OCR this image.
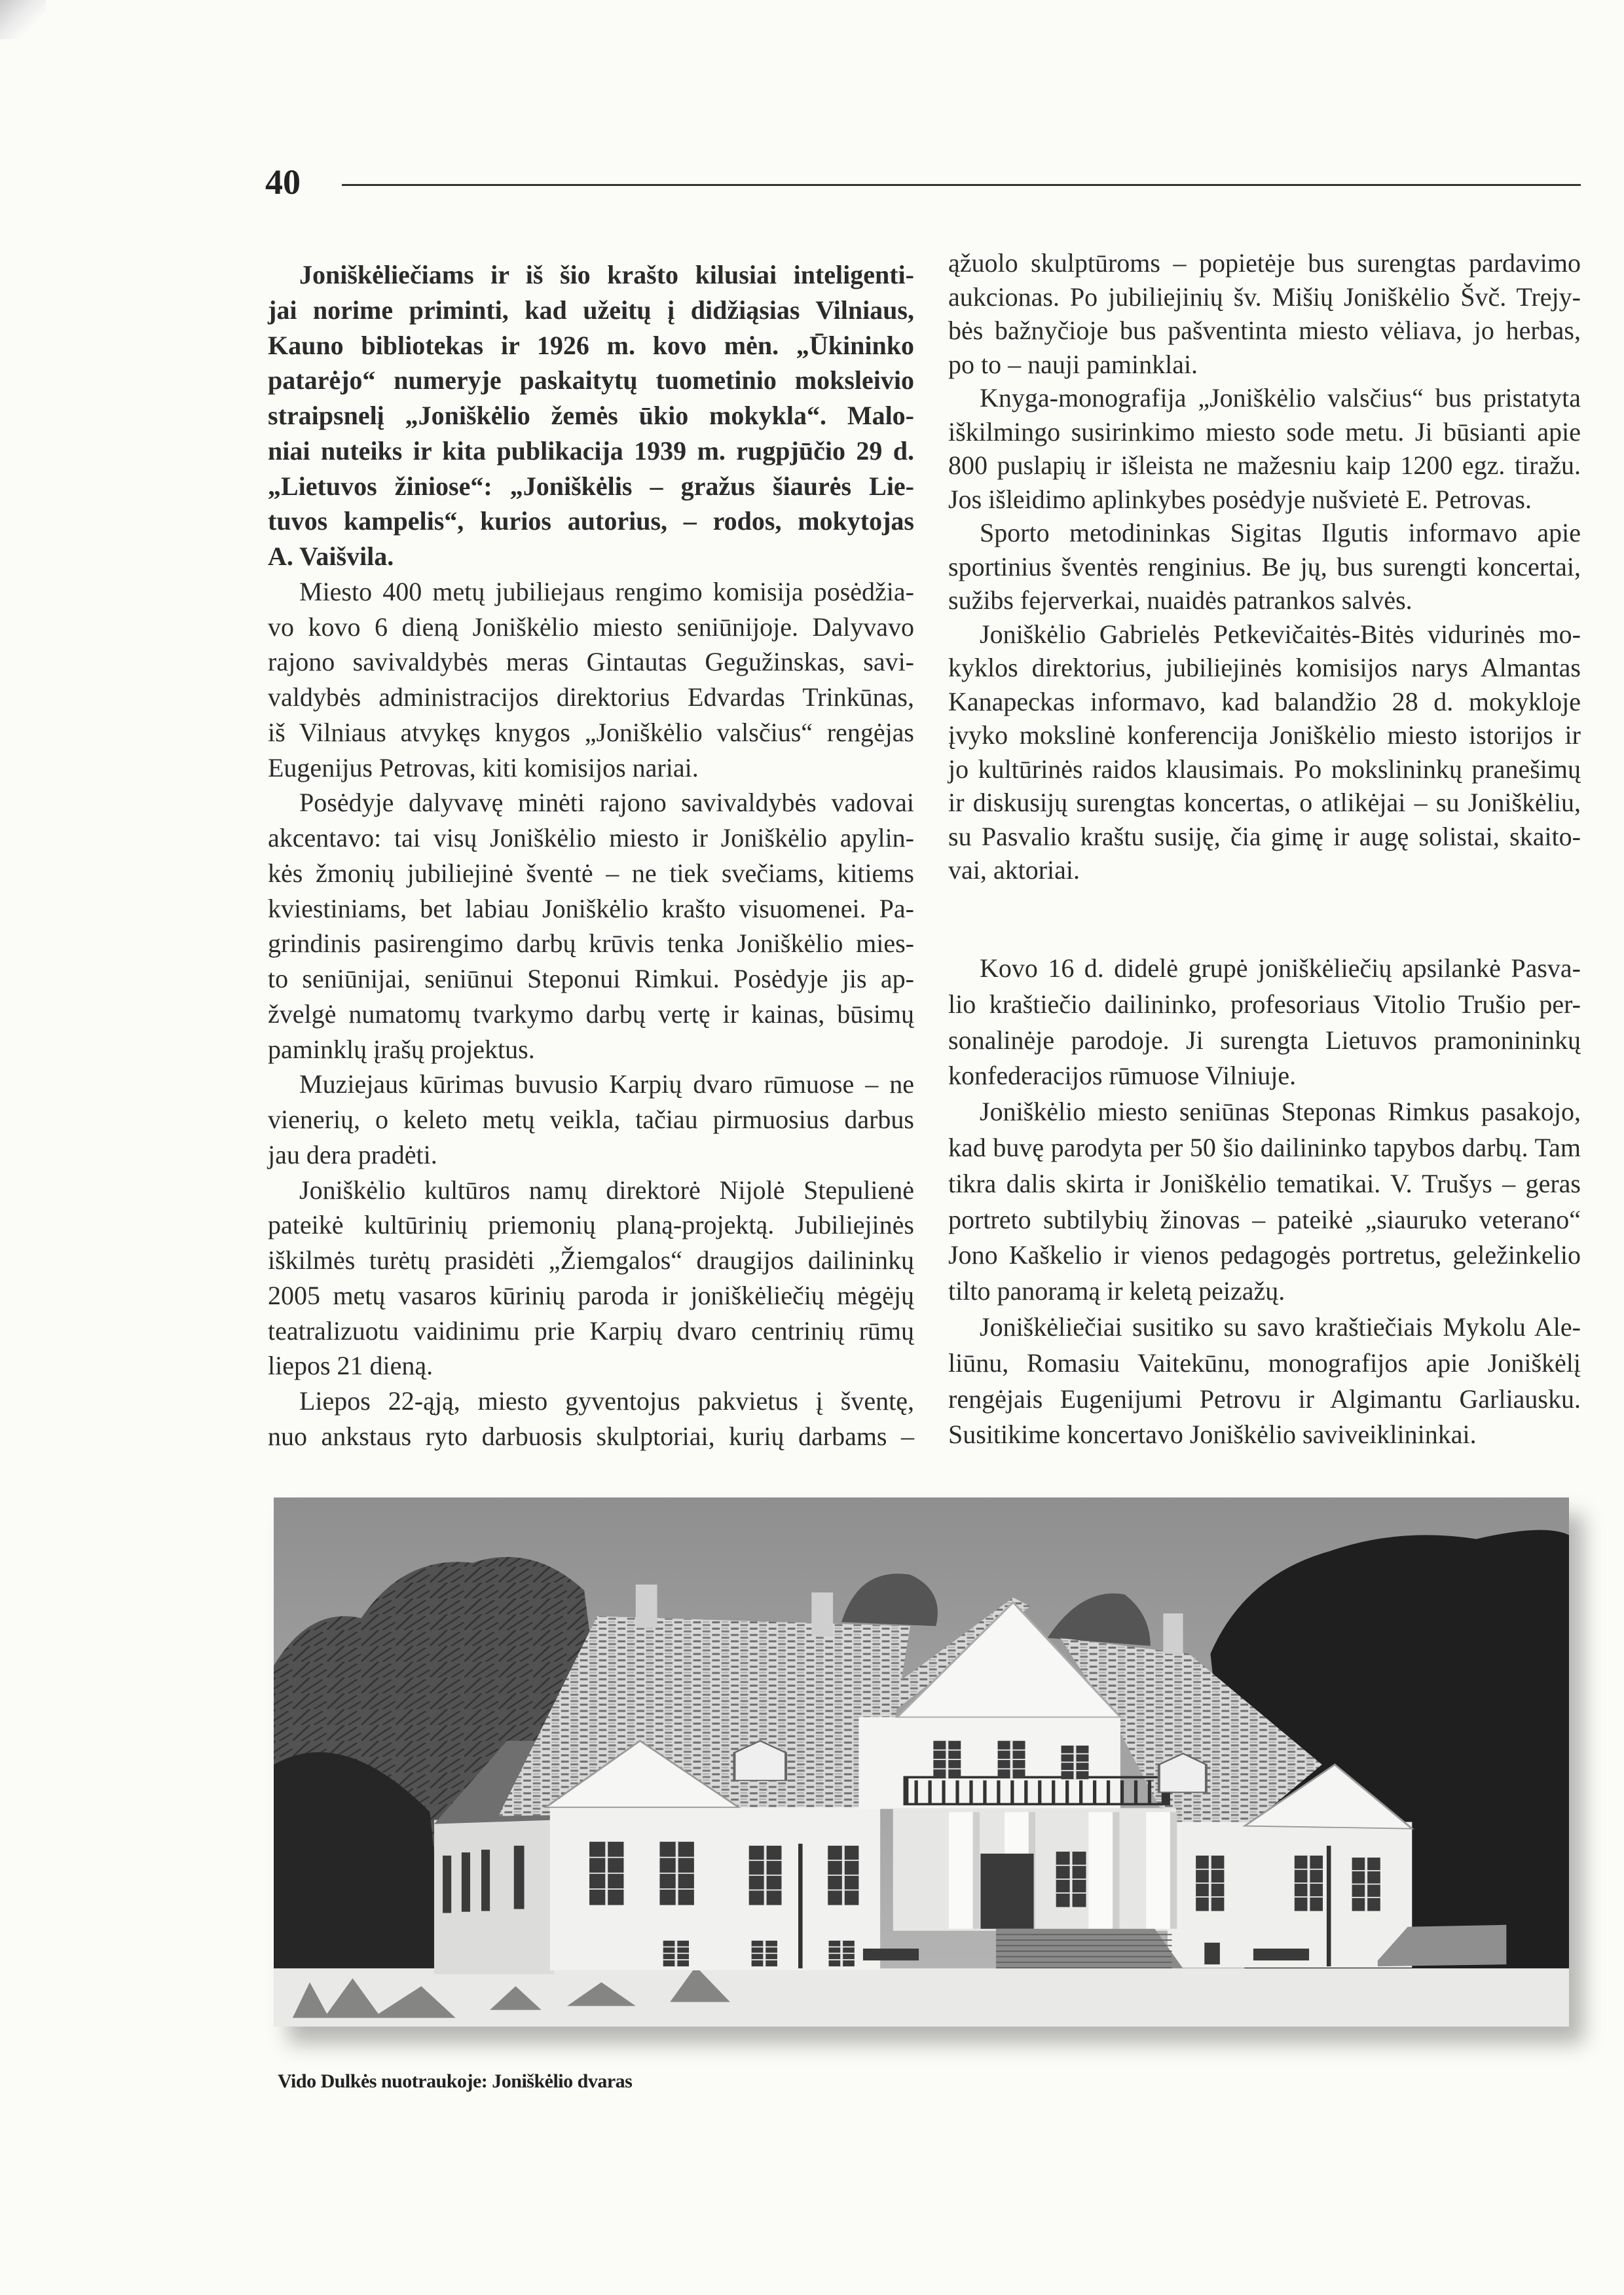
40
Joniškėliečiams ir iš šio krašto kilusiai inteligenti-
jai norime priminti, kad užeitų į didžiąsias Vilniaus,
Kauno bibliotekas ir 1926 m. kovo mėn. „Ūkininko
patarėjo“ numeryje paskaitytų tuometinio moksleivio
straipsnelį „Joniškėlio žemės ūkio mokykla“. Malo-
niai nuteiks ir kita publikacija 1939 m. rugpjūčio 29 d.
„Lietuvos žiniose“: „Joniškėlis – gražus šiaurės Lie-
tuvos kampelis“, kurios autorius, – rodos, mokytojas
A. Vaišvila.
Miesto 400 metų jubiliejaus rengimo komisija posėdžia-
vo kovo 6 dieną Joniškėlio miesto seniūnijoje. Dalyvavo
rajono savivaldybės meras Gintautas Gegužinskas, savi-
valdybės administracijos direktorius Edvardas Trinkūnas,
iš Vilniaus atvykęs knygos „Joniškėlio valsčius“ rengėjas
Eugenijus Petrovas, kiti komisijos nariai.
Posėdyje dalyvavę minėti rajono savivaldybės vadovai
akcentavo: tai visų Joniškėlio miesto ir Joniškėlio apylin-
kės žmonių jubiliejinė šventė – ne tiek svečiams, kitiems
kviestiniams, bet labiau Joniškėlio krašto visuomenei. Pa-
grindinis pasirengimo darbų krūvis tenka Joniškėlio mies-
to seniūnijai, seniūnui Steponui Rimkui. Posėdyje jis ap-
žvelgė numatomų tvarkymo darbų vertę ir kainas, būsimų
paminklų įrašų projektus.
Muziejaus kūrimas buvusio Karpių dvaro rūmuose – ne
vienerių, o keleto metų veikla, tačiau pirmuosius darbus
jau dera pradėti.
Joniškėlio kultūros namų direktorė Nijolė Stepulienė
pateikė kultūrinių priemonių planą-projektą. Jubiliejinės
iškilmės turėtų prasidėti „Žiemgalos“ draugijos dailininkų
2005 metų vasaros kūrinių paroda ir joniškėliečių mėgėjų
teatralizuotu vaidinimu prie Karpių dvaro centrinių rūmų
liepos 21 dieną.
Liepos 22-ąją, miesto gyventojus pakvietus į šventę,
nuo ankstaus ryto darbuosis skulptoriai, kurių darbams –
ąžuolo skulptūroms – popietėje bus surengtas pardavimo
aukcionas. Po jubiliejinių šv. Mišių Joniškėlio Švč. Trejy-
bės bažnyčioje bus pašventinta miesto vėliava, jo herbas,
po to – nauji paminklai.
Knyga-monografija „Joniškėlio valsčius“ bus pristatyta
iškilmingo susirinkimo miesto sode metu. Ji būsianti apie
800 puslapių ir išleista ne mažesniu kaip 1200 egz. tiražu.
Jos išleidimo aplinkybes posėdyje nušvietė E. Petrovas.
Sporto metodininkas Sigitas Ilgutis informavo apie
sportinius šventės renginius. Be jų, bus surengti koncertai,
sužibs fejerverkai, nuaidės patrankos salvės.
Joniškėlio Gabrielės Petkevičaitės-Bitės vidurinės mo-
kyklos direktorius, jubiliejinės komisijos narys Almantas
Kanapeckas informavo, kad balandžio 28 d. mokykloje
įvyko mokslinė konferencija Joniškėlio miesto istorijos ir
jo kultūrinės raidos klausimais. Po mokslininkų pranešimų
ir diskusijų surengtas koncertas, o atlikėjai – su Joniškėliu,
su Pasvalio kraštu susiję, čia gimę ir augę solistai, skaito-
vai, aktoriai.
Kovo 16 d. didelė grupė joniškėliečių apsilankė Pasva-
lio kraštiečio dailininko, profesoriaus Vitolio Trušio per-
sonalinėje parodoje. Ji surengta Lietuvos pramonininkų
konfederacijos rūmuose Vilniuje.
Joniškėlio miesto seniūnas Steponas Rimkus pasakojo,
kad buvę parodyta per 50 šio dailininko tapybos darbų. Tam
tikra dalis skirta ir Joniškėlio tematikai. V. Trušys – geras
portreto subtilybių žinovas – pateikė „siauruko veterano“
Jono Kaškelio ir vienos pedagogės portretus, geležinkelio
tilto panoramą ir keletą peizažų.
Joniškėliečiai susitiko su savo kraštiečiais Mykolu Ale-
liūnu, Romasiu Vaitekūnu, monografijos apie Joniškėlį
rengėjais Eugenijumi Petrovu ir Algimantu Garliausku.
Susitikime koncertavo Joniškėlio saviveiklininkai.
Vido Dulkės nuotraukoje: Joniškėlio dvaras
